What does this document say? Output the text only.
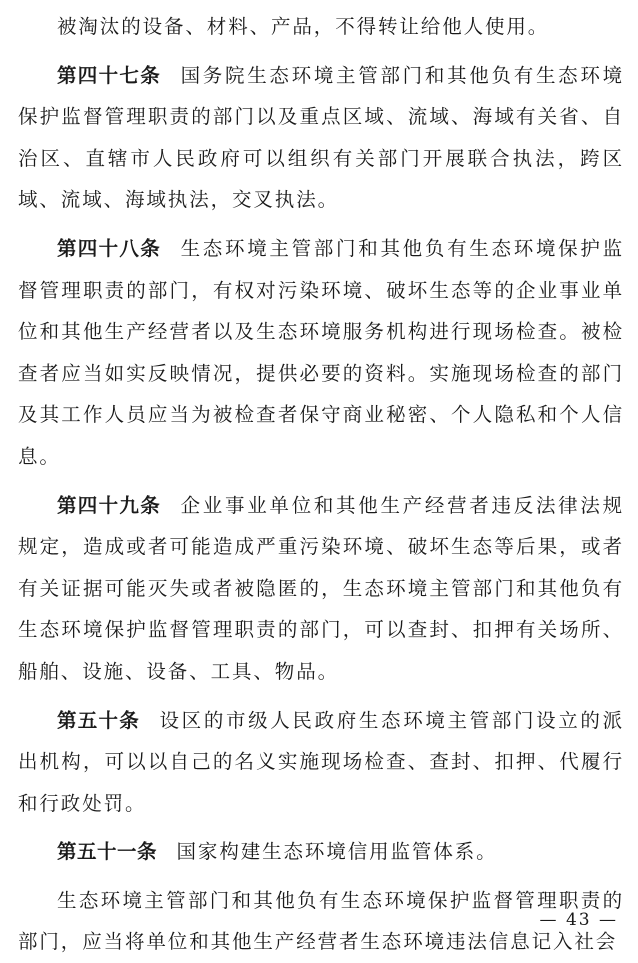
被淘汰的设备、材料、产品，不得转让给他人使用。

第四十七条 国务院生态环境主管部门和其他负有生态环境保护监督管理职责的部门以及重点区域、流域、海域有关省、自治区、直辖市人民政府可以组织有关部门开展联合执法，跨区域、流域、海域执法，交叉执法。

第四十八条 生态环境主管部门和其他负有生态环境保护监督管理职责的部门，有权对污染环境、破坏生态等的企业事业单位和其他生产经营者以及生态环境服务机构进行现场检查。被检查者应当如实反映情况，提供必要的资料。实施现场检查的部门及其工作人员应当为被检查者保守商业秘密、个人隐私和个人信息。

第四十九条 企业事业单位和其他生产经营者违反法律法规规定，造成或者可能造成严重污染环境、破坏生态等后果，或者有关证据可能灭失或者被隐匿的，生态环境主管部门和其他负有生态环境保护监督管理职责的部门，可以查封、扣押有关场所、船舶、设施、设备、工具、物品。

第五十条 设区的市级人民政府生态环境主管部门设立的派出机构，可以以自己的名义实施现场检查、查封、扣押、代履行和行政处罚。

第五十一条 国家构建生态环境信用监管体系。

生态环境主管部门和其他负有生态环境保护监督管理职责的部门，应当将单位和其他生产经营者生态环境违法信息记入社会

— 43 —
